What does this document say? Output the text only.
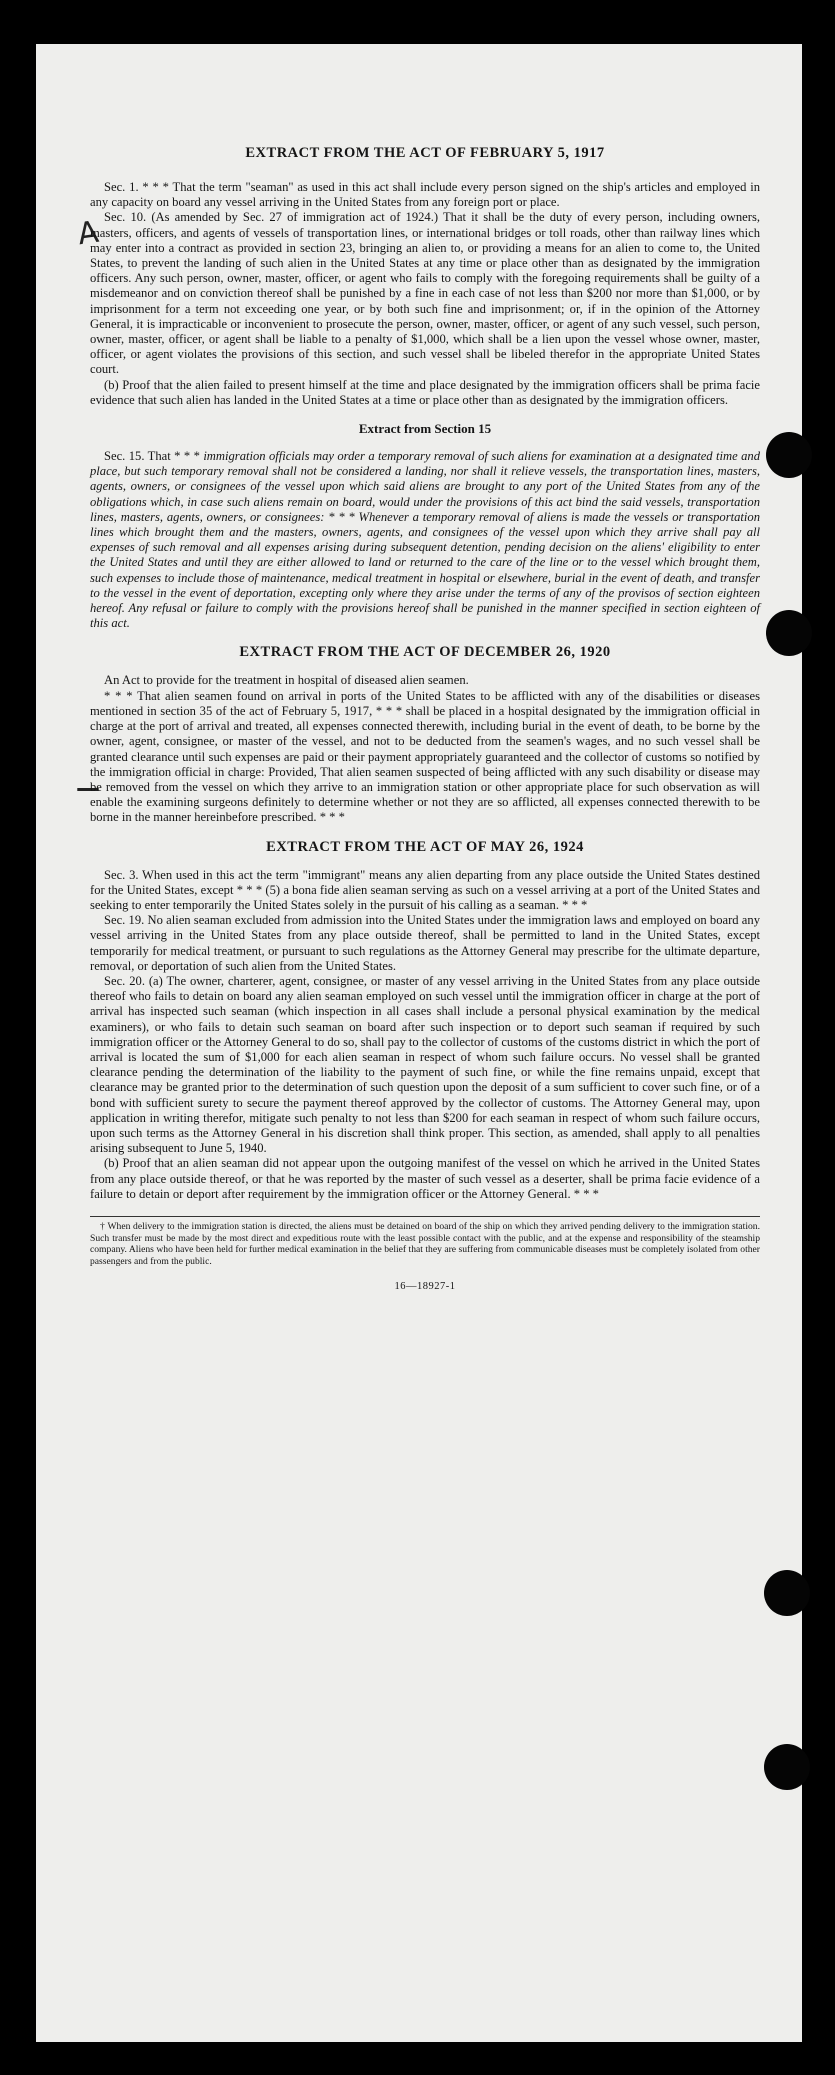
A
—
EXTRACT FROM THE ACT OF FEBRUARY 5, 1917

Sec. 1. * * * That the term "seaman" as used in this act shall include every person signed on the ship's articles and employed in any capacity on board any vessel arriving in the United States from any foreign port or place.

Sec. 10. (As amended by Sec. 27 of immigration act of 1924.) That it shall be the duty of every person, including owners, masters, officers, and agents of vessels of transportation lines, or international bridges or toll roads, other than railway lines which may enter into a contract as provided in section 23, bringing an alien to, or providing a means for an alien to come to, the United States, to prevent the landing of such alien in the United States at any time or place other than as designated by the immigration officers. Any such person, owner, master, officer, or agent who fails to comply with the foregoing requirements shall be guilty of a misdemeanor and on conviction thereof shall be punished by a fine in each case of not less than $200 nor more than $1,000, or by imprisonment for a term not exceeding one year, or by both such fine and imprisonment; or, if in the opinion of the Attorney General, it is impracticable or inconvenient to prosecute the person, owner, master, officer, or agent of any such vessel, such person, owner, master, officer, or agent shall be liable to a penalty of $1,000, which shall be a lien upon the vessel whose owner, master, officer, or agent violates the provisions of this section, and such vessel shall be libeled therefor in the appropriate United States court.

(b) Proof that the alien failed to present himself at the time and place designated by the immigration officers shall be prima facie evidence that such alien has landed in the United States at a time or place other than as designated by the immigration officers.

Extract from Section 15

Sec. 15. That * * * immigration officials may order a temporary removal of such aliens for examination at a designated time and place, but such temporary removal shall not be considered a landing, nor shall it relieve vessels, the transportation lines, masters, agents, owners, or consignees of the vessel upon which said aliens are brought to any port of the United States from any of the obligations which, in case such aliens remain on board, would under the provisions of this act bind the said vessels, transportation lines, masters, agents, owners, or consignees: * * * Whenever a temporary removal of aliens is made the vessels or transportation lines which brought them and the masters, owners, agents, and consignees of the vessel upon which they arrive shall pay all expenses of such removal and all expenses arising during subsequent detention, pending decision on the aliens' eligibility to enter the United States and until they are either allowed to land or returned to the care of the line or to the vessel which brought them, such expenses to include those of maintenance, medical treatment in hospital or elsewhere, burial in the event of death, and transfer to the vessel in the event of deportation, excepting only where they arise under the terms of any of the provisos of section eighteen hereof. Any refusal or failure to comply with the provisions hereof shall be punished in the manner specified in section eighteen of this act.

EXTRACT FROM THE ACT OF DECEMBER 26, 1920

An Act to provide for the treatment in hospital of diseased alien seamen.

* * * That alien seamen found on arrival in ports of the United States to be afflicted with any of the disabilities or diseases mentioned in section 35 of the act of February 5, 1917, * * * shall be placed in a hospital designated by the immigration official in charge at the port of arrival and treated, all expenses connected therewith, including burial in the event of death, to be borne by the owner, agent, consignee, or master of the vessel, and not to be deducted from the seamen's wages, and no such vessel shall be granted clearance until such expenses are paid or their payment appropriately guaranteed and the collector of customs so notified by the immigration official in charge: Provided, That alien seamen suspected of being afflicted with any such disability or disease may be removed from the vessel on which they arrive to an immigration station or other appropriate place for such observation as will enable the examining surgeons definitely to determine whether or not they are so afflicted, all expenses connected therewith to be borne in the manner hereinbefore prescribed. * * *

EXTRACT FROM THE ACT OF MAY 26, 1924

Sec. 3. When used in this act the term "immigrant" means any alien departing from any place outside the United States destined for the United States, except * * * (5) a bona fide alien seaman serving as such on a vessel arriving at a port of the United States and seeking to enter temporarily the United States solely in the pursuit of his calling as a seaman. * * *

Sec. 19. No alien seaman excluded from admission into the United States under the immigration laws and employed on board any vessel arriving in the United States from any place outside thereof, shall be permitted to land in the United States, except temporarily for medical treatment, or pursuant to such regulations as the Attorney General may prescribe for the ultimate departure, removal, or deportation of such alien from the United States.

Sec. 20. (a) The owner, charterer, agent, consignee, or master of any vessel arriving in the United States from any place outside thereof who fails to detain on board any alien seaman employed on such vessel until the immigration officer in charge at the port of arrival has inspected such seaman (which inspection in all cases shall include a personal physical examination by the medical examiners), or who fails to detain such seaman on board after such inspection or to deport such seaman if required by such immigration officer or the Attorney General to do so, shall pay to the collector of customs of the customs district in which the port of arrival is located the sum of $1,000 for each alien seaman in respect of whom such failure occurs. No vessel shall be granted clearance pending the determination of the liability to the payment of such fine, or while the fine remains unpaid, except that clearance may be granted prior to the determination of such question upon the deposit of a sum sufficient to cover such fine, or of a bond with sufficient surety to secure the payment thereof approved by the collector of customs. The Attorney General may, upon application in writing therefor, mitigate such penalty to not less than $200 for each seaman in respect of whom such failure occurs, upon such terms as the Attorney General in his discretion shall think proper. This section, as amended, shall apply to all penalties arising subsequent to June 5, 1940.

(b) Proof that an alien seaman did not appear upon the outgoing manifest of the vessel on which he arrived in the United States from any place outside thereof, or that he was reported by the master of such vessel as a deserter, shall be prima facie evidence of a failure to detain or deport after requirement by the immigration officer or the Attorney General. * * *

† When delivery to the immigration station is directed, the aliens must be detained on board of the ship on which they arrived pending delivery to the immigration station. Such transfer must be made by the most direct and expeditious route with the least possible contact with the public, and at the expense and responsibility of the steamship company. Aliens who have been held for further medical examination in the belief that they are suffering from communicable diseases must be completely isolated from other passengers and from the public.

16—18927-1
